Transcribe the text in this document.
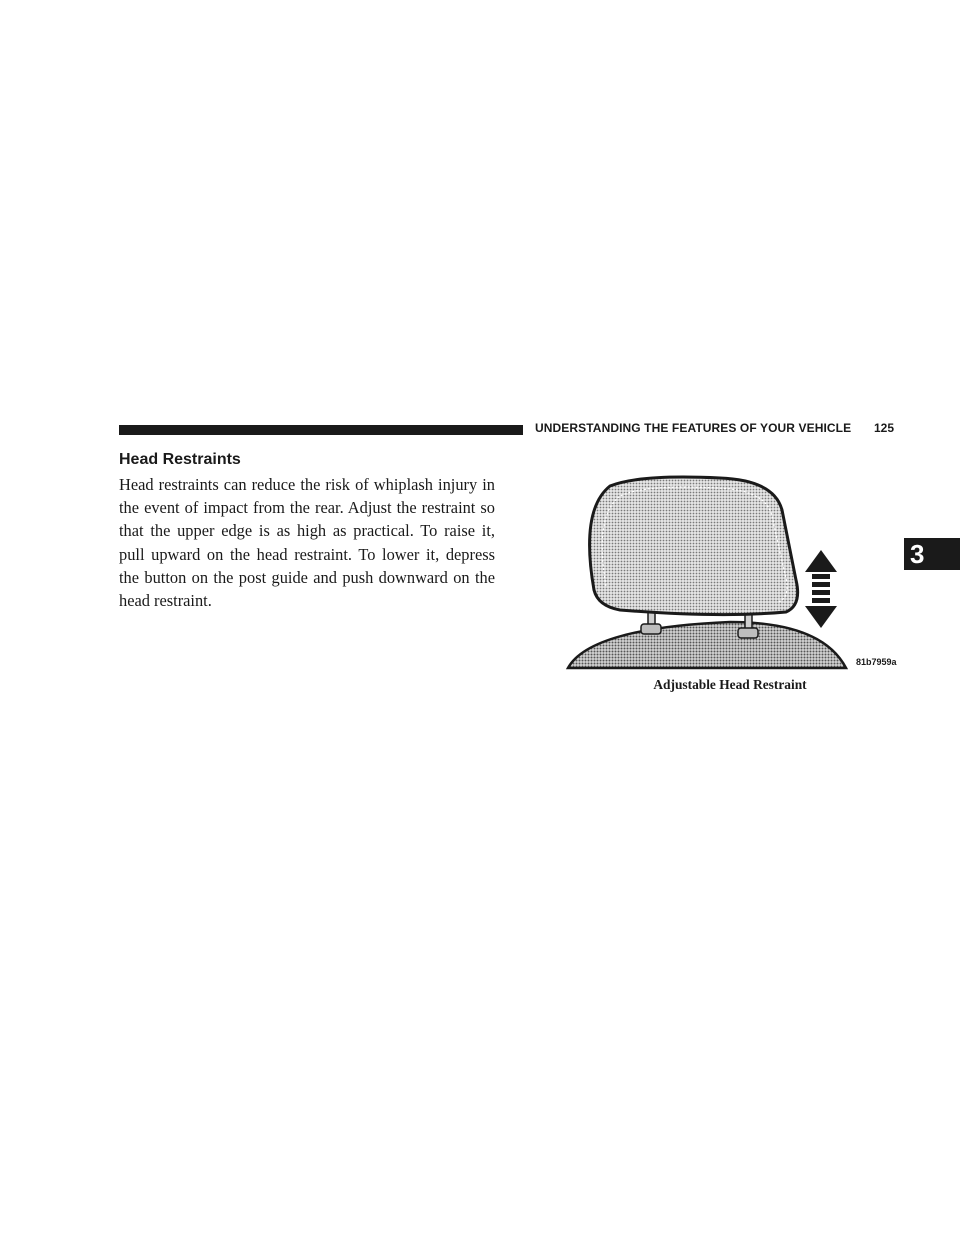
UNDERSTANDING THE FEATURES OF YOUR VEHICLE 125
Head Restraints

Head restraints can reduce the risk of whiplash injury in the event of impact from the rear. Adjust the restraint so that the upper edge is as high as practical. To raise it, pull upward on the head restraint. To lower it, depress the button on the post guide and push downward on the head restraint.

81b7959a
Adjustable Head Restraint
3
